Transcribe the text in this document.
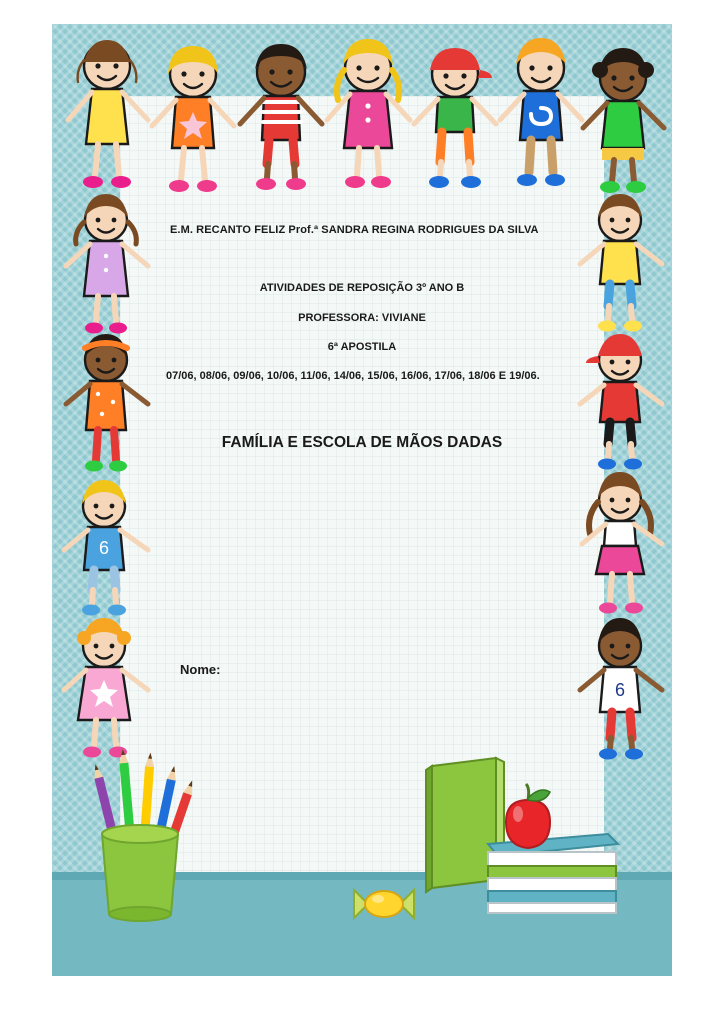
E.M. RECANTO FELIZ Prof.ª SANDRA REGINA RODRIGUES DA SILVA
ATIVIDADES DE REPOSIÇÃO 3º ANO B
PROFESSORA: VIVIANE
6ª APOSTILA
07/06, 08/06, 09/06, 10/06, 11/06, 14/06, 15/06, 16/06, 17/06, 18/06 E 19/06.
FAMÍLIA E ESCOLA DE MÃOS DADAS
Nome:
6
6
